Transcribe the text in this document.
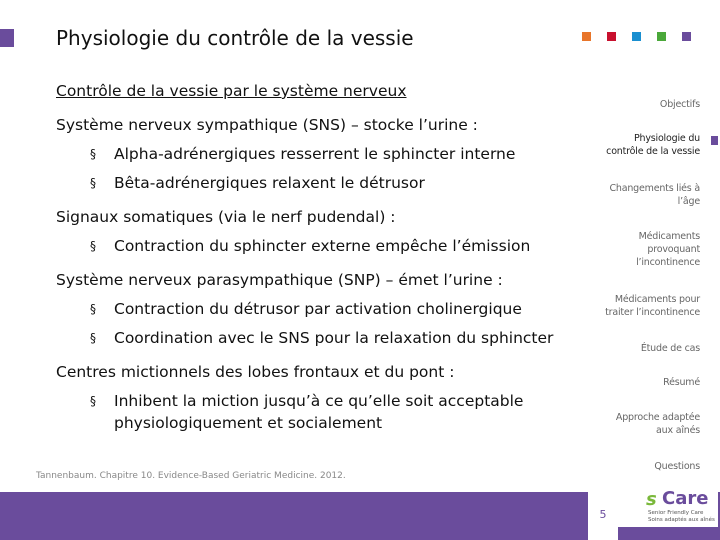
Physiologie du contrôle de la vessie
Contrôle de la vessie par le système nerveux
Système nerveux sympathique (SNS) – stocke l’urine :
§ Alpha-adrénergiques resserrent le sphincter interne
§ Bêta-adrénergiques relaxent le détrusor
Signaux somatiques (via le nerf pudendal) :
§ Contraction du sphincter externe empêche l’émission
Système nerveux parasympathique (SNP) – émet l’urine :
§ Contraction du détrusor par activation cholinergique
§ Coordination avec le SNS pour la relaxation du sphincter
Centres mictionnels des lobes frontaux et du pont :
§ Inhibent la miction jusqu’à ce qu’elle soit acceptable physiologiquement et socialement
Objectifs
Physiologie du contrôle de la vessie
Changements liés à l’âge
Médicaments provoquant l’incontinence
Médicaments pour traiter l’incontinence
Étude de cas
Résumé
Approche adaptée aux aînés
Questions
Tannenbaum. Chapitre 10. Evidence-Based Geriatric Medicine. 2012.
5
s Care
Senior Friendly Care
Soins adaptés aux aînés
